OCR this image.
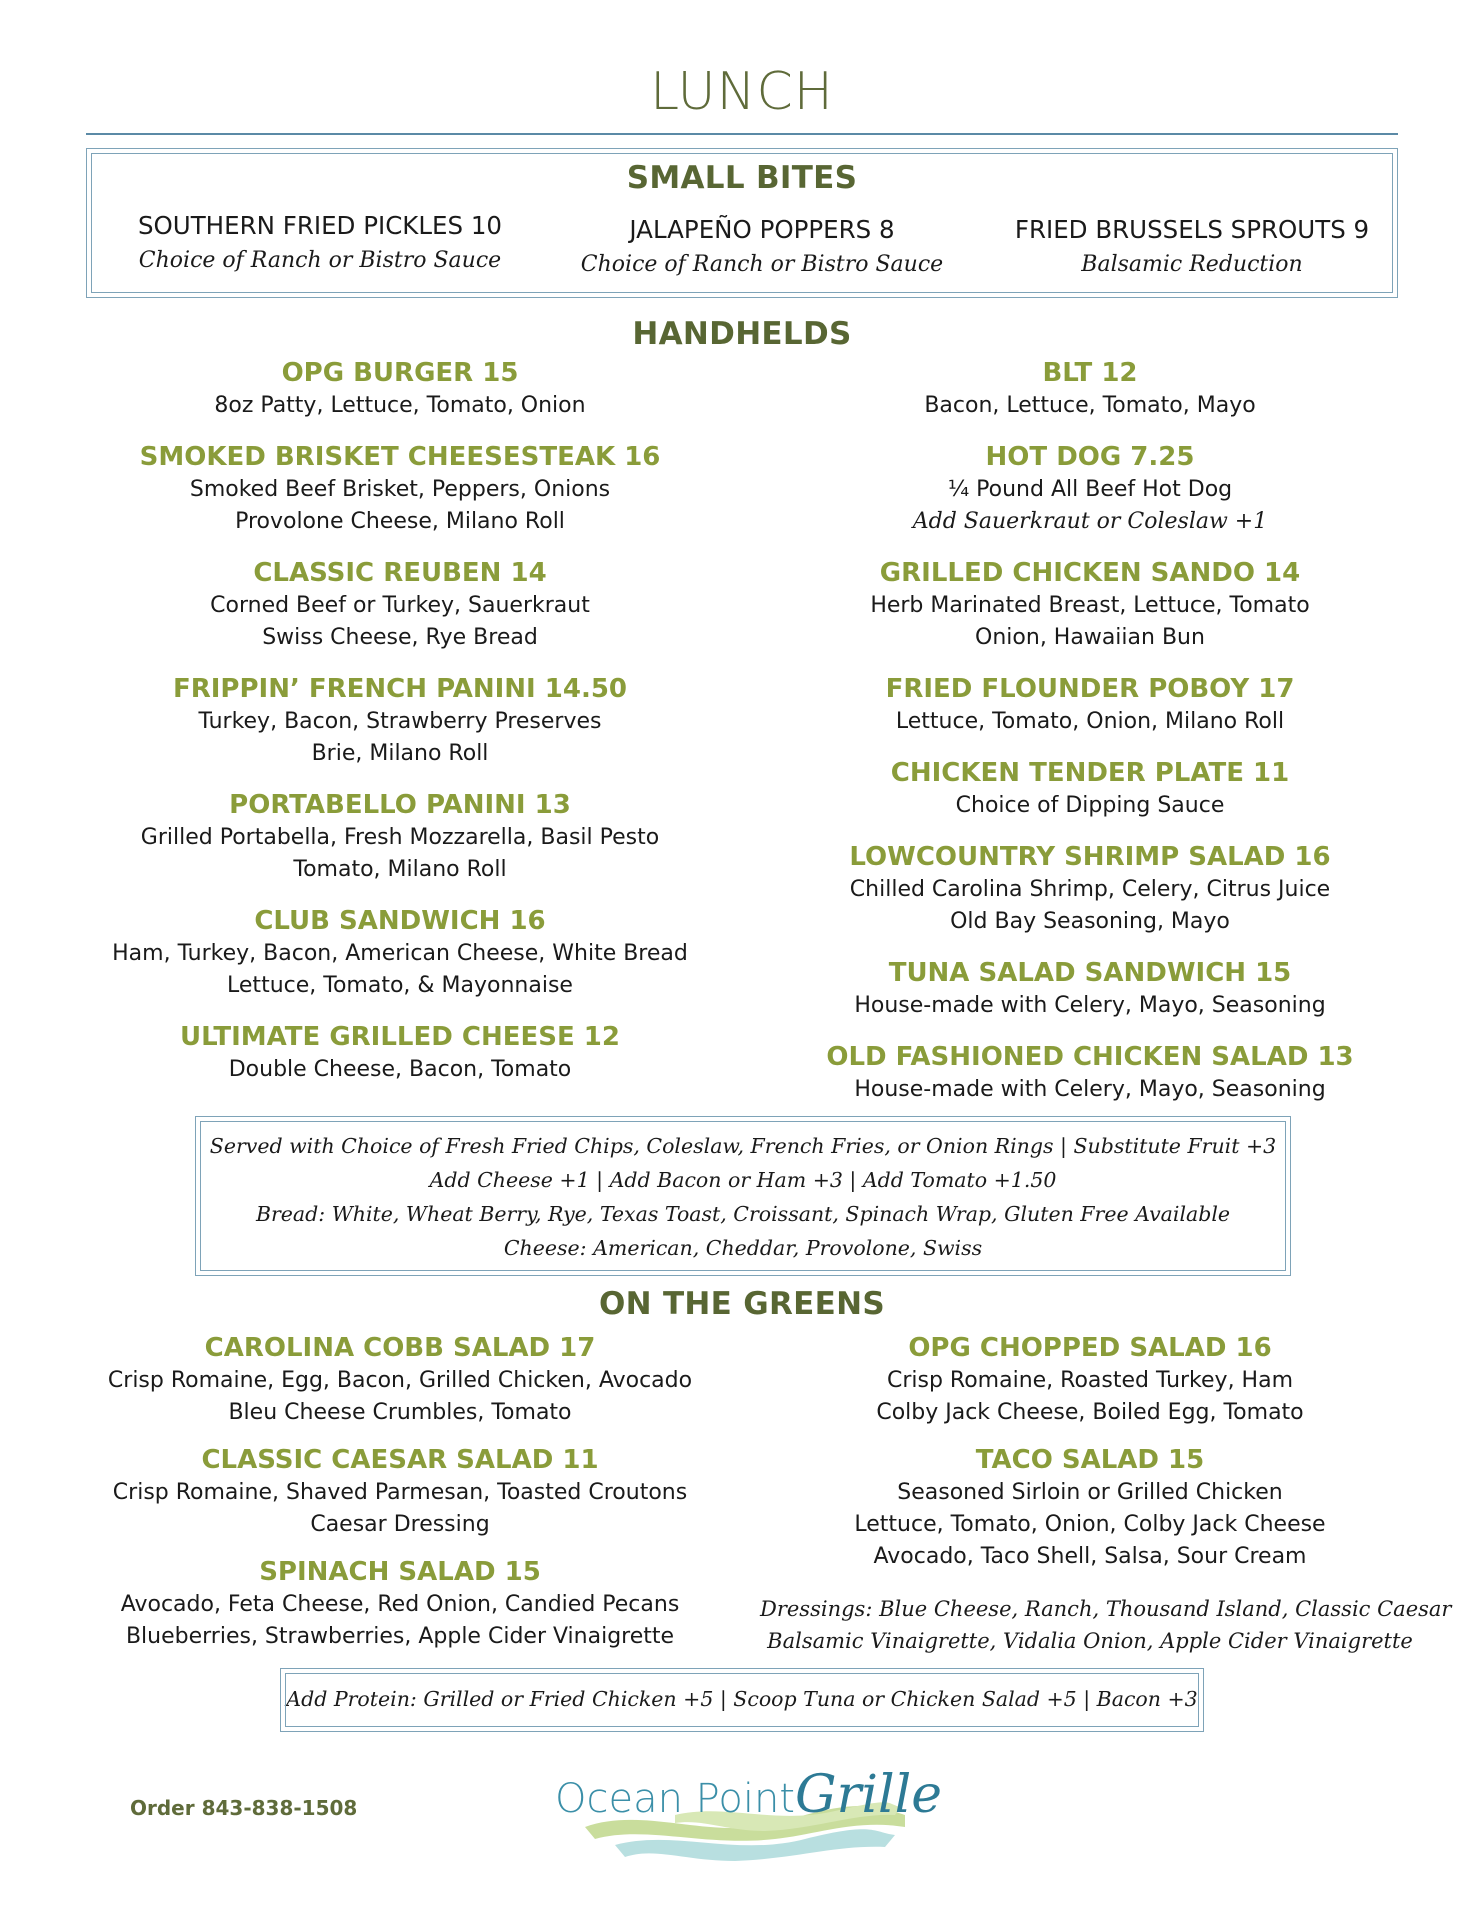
LUNCH
SMALL BITES
SOUTHERN FRIED PICKLES 10
Choice of Ranch or Bistro Sauce
JALAPEÑO POPPERS 8
Choice of Ranch or Bistro Sauce
FRIED BRUSSELS SPROUTS 9
Balsamic Reduction
HANDHELDS
OPG BURGER 15
8oz Patty, Lettuce, Tomato, Onion
SMOKED BRISKET CHEESESTEAK 16
Smoked Beef Brisket, Peppers, Onions
Provolone Cheese, Milano Roll
CLASSIC REUBEN 14
Corned Beef or Turkey, Sauerkraut
Swiss Cheese, Rye Bread
FRIPPIN’ FRENCH PANINI 14.50
Turkey, Bacon, Strawberry Preserves
Brie, Milano Roll
PORTABELLO PANINI 13
Grilled Portabella, Fresh Mozzarella, Basil Pesto
Tomato, Milano Roll
CLUB SANDWICH 16
Ham, Turkey, Bacon, American Cheese, White Bread
Lettuce, Tomato, & Mayonnaise
ULTIMATE GRILLED CHEESE 12
Double Cheese, Bacon, Tomato
BLT 12
Bacon, Lettuce, Tomato, Mayo
HOT DOG 7.25
¼ Pound All Beef Hot Dog
Add Sauerkraut or Coleslaw +1
GRILLED CHICKEN SANDO 14
Herb Marinated Breast, Lettuce, Tomato
Onion, Hawaiian Bun
FRIED FLOUNDER POBOY 17
Lettuce, Tomato, Onion, Milano Roll
CHICKEN TENDER PLATE 11
Choice of Dipping Sauce
LOWCOUNTRY SHRIMP SALAD 16
Chilled Carolina Shrimp, Celery, Citrus Juice
Old Bay Seasoning, Mayo
TUNA SALAD SANDWICH 15
House-made with Celery, Mayo, Seasoning
OLD FASHIONED CHICKEN SALAD 13
House-made with Celery, Mayo, Seasoning
Served with Choice of Fresh Fried Chips, Coleslaw, French Fries, or Onion Rings | Substitute Fruit +3
Add Cheese +1 | Add Bacon or Ham +3 | Add Tomato +1.50
Bread: White, Wheat Berry, Rye, Texas Toast, Croissant, Spinach Wrap, Gluten Free Available
Cheese: American, Cheddar, Provolone, Swiss
ON THE GREENS
CAROLINA COBB SALAD 17
Crisp Romaine, Egg, Bacon, Grilled Chicken, Avocado
Bleu Cheese Crumbles, Tomato
CLASSIC CAESAR SALAD 11
Crisp Romaine, Shaved Parmesan, Toasted Croutons
Caesar Dressing
SPINACH SALAD 15
Avocado, Feta Cheese, Red Onion, Candied Pecans
Blueberries, Strawberries, Apple Cider Vinaigrette
OPG CHOPPED SALAD 16
Crisp Romaine, Roasted Turkey, Ham
Colby Jack Cheese, Boiled Egg, Tomato
TACO SALAD 15
Seasoned Sirloin or Grilled Chicken
Lettuce, Tomato, Onion, Colby Jack Cheese
Avocado, Taco Shell, Salsa, Sour Cream
Dressings: Blue Cheese, Ranch, Thousand Island, Classic Caesar
Balsamic Vinaigrette, Vidalia Onion, Apple Cider Vinaigrette
Add Protein: Grilled or Fried Chicken +5 | Scoop Tuna or Chicken Salad +5 | Bacon +3
Order 843-838-1508	Ocean PointGrille
